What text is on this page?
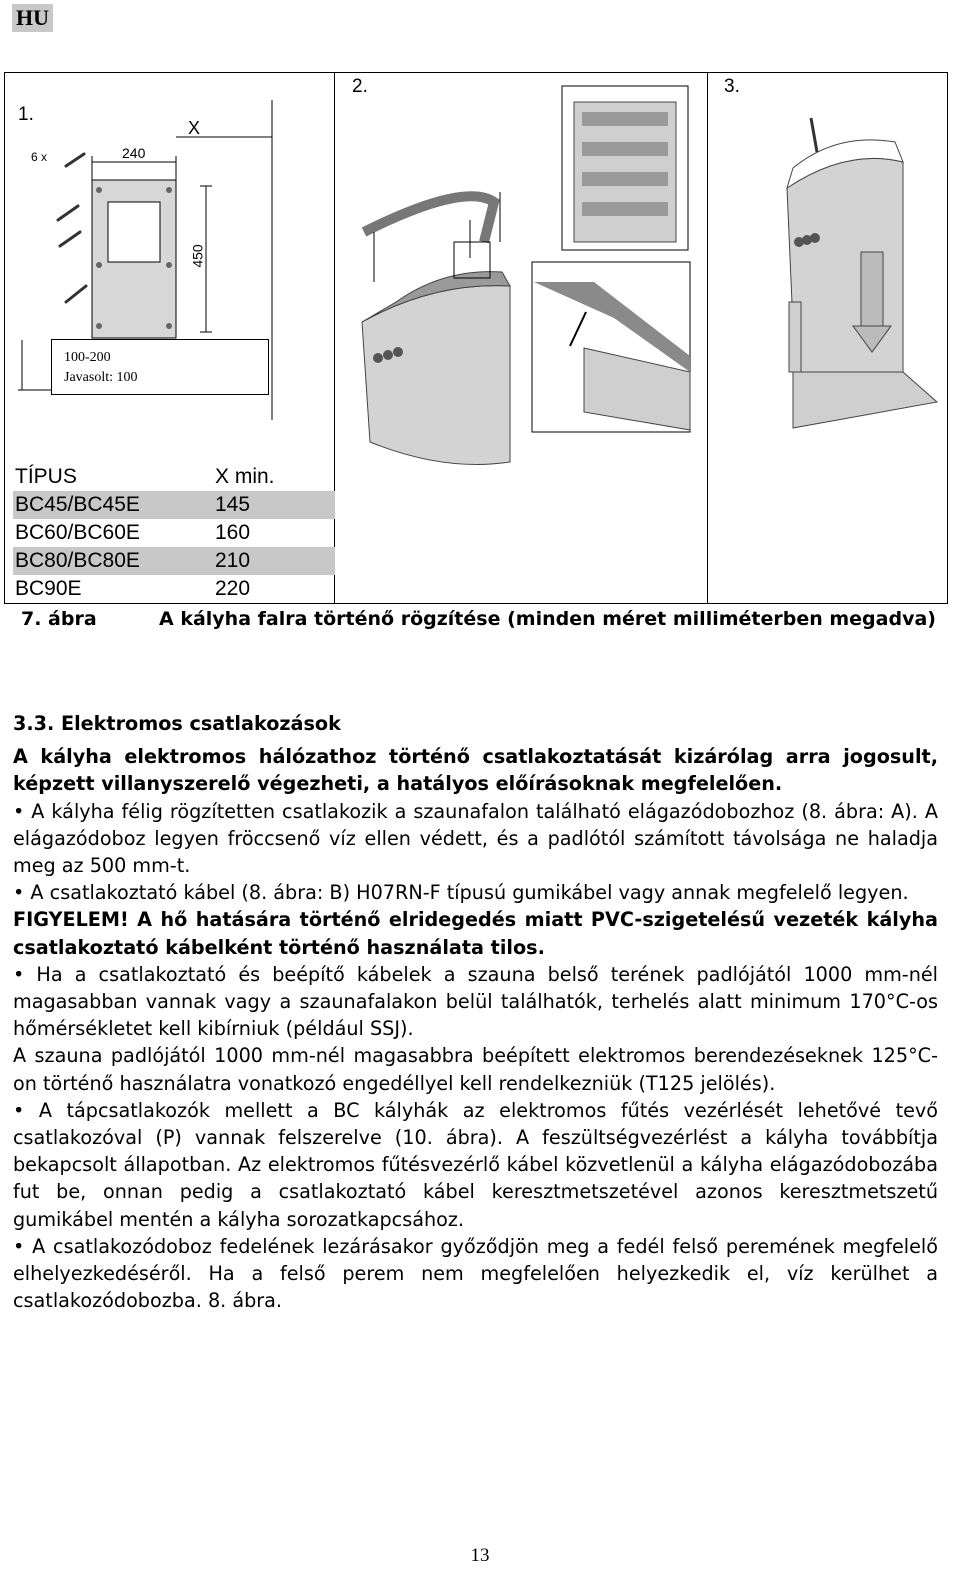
HU
1.
2.	3.
X
240
450
6 x
100-200
Javasolt: 100
TÍPUS	X min.
BC45/BC45E	145
BC60/BC60E	160
BC80/BC80E	210
BC90E	220
7. ábra	A kályha falra történő rögzítése (minden méret milliméterben megadva)

3.3. Elektromos csatlakozások

A kályha elektromos hálózathoz történő csatlakoztatását kizárólag arra jogosult, képzett villanyszerelő végezheti, a hatályos előírásoknak megfelelően.

• A kályha félig rögzítetten csatlakozik a szaunafalon található elágazódobozhoz (8. ábra: A). A elágazódoboz legyen fröccsenő víz ellen védett, és a padlótól számított távolsága ne haladja meg az 500 mm-t.

• A csatlakoztató kábel (8. ábra: B) H07RN-F típusú gumikábel vagy annak megfelelő legyen.

FIGYELEM! A hő hatására történő elridegedés miatt PVC-szigetelésű vezeték kályha csatlakoztató kábelként történő használata tilos.

• Ha a csatlakoztató és beépítő kábelek a szauna belső terének padlójától 1000 mm-nél magasabban vannak vagy a szaunafalakon belül találhatók, terhelés alatt minimum 170°C-os hőmérsékletet kell kibírniuk (például SSJ).

A szauna padlójától 1000 mm-nél magasabbra beépített elektromos berendezéseknek 125°C-on történő használatra vonatkozó engedéllyel kell rendelkezniük (T125 jelölés).

• A tápcsatlakozók mellett a BC kályhák az elektromos fűtés vezérlését lehetővé tevő csatlakozóval (P) vannak felszerelve (10. ábra). A feszültségvezérlést a kályha továbbítja bekapcsolt állapotban. Az elektromos fűtésvezérlő kábel közvetlenül a kályha elágazódobozába fut be, onnan pedig a csatlakoztató kábel keresztmetszetével azonos keresztmetszetű gumikábel mentén a kályha sorozatkapcsához.

• A csatlakozódoboz fedelének lezárásakor győződjön meg a fedél felső peremének megfelelő elhelyezkedéséről. Ha a felső perem nem megfelelően helyezkedik el, víz kerülhet a csatlakozódobozba. 8. ábra.

13
